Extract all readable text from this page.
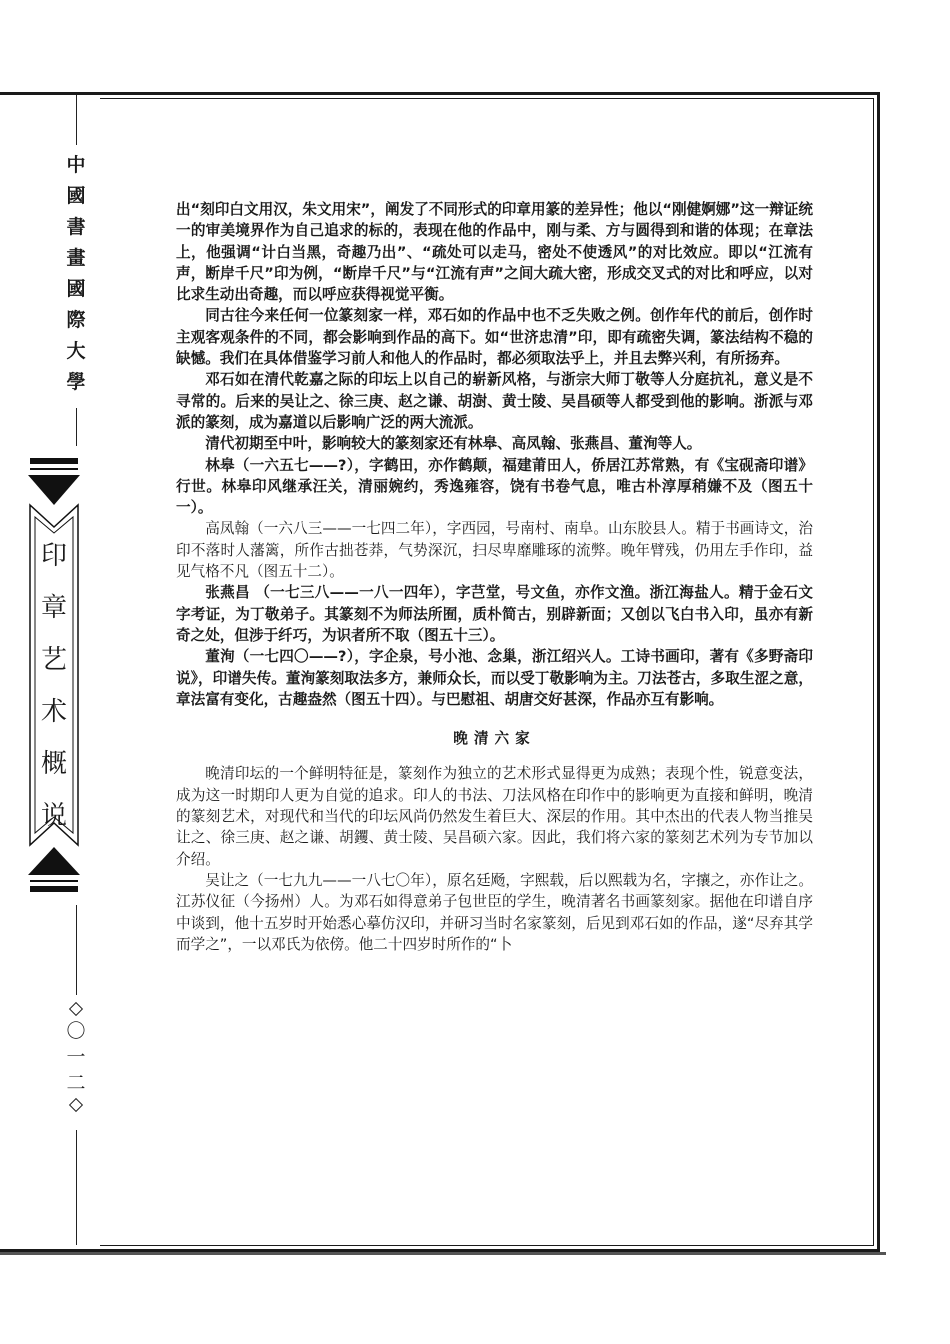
中
國
書
畫
國
際
大
學
印
章
艺
术
概
说
〇
一
二

出“刻印白文用汉，朱文用宋”，阐发了不同形式的印章用篆的差异性；他以“刚健婀娜”这一辩证统一的审美境界作为自己追求的标的，表现在他的作品中，刚与柔、方与圆得到和谐的体现；在章法上，他强调“计白当黑，奇趣乃出”、“疏处可以走马，密处不使透风”的对比效应。即以“江流有声，断岸千尺”印为例，“断岸千尺”与“江流有声”之间大疏大密，形成交叉式的对比和呼应，以对比求生动出奇趣，而以呼应获得视觉平衡。

同古往今来任何一位篆刻家一样，邓石如的作品中也不乏失败之例。创作年代的前后，创作时主观客观条件的不同，都会影响到作品的高下。如“世济忠清”印，即有疏密失调，篆法结构不稳的缺憾。我们在具体借鉴学习前人和他人的作品时，都必须取法乎上，并且去弊兴利，有所扬弃。

邓石如在清代乾嘉之际的印坛上以自己的崭新风格，与浙宗大师丁敬等人分庭抗礼，意义是不寻常的。后来的吴让之、徐三庚、赵之谦、胡澍、黄士陵、吴昌硕等人都受到他的影响。浙派与邓派的篆刻，成为嘉道以后影响广泛的两大流派。

清代初期至中叶，影响较大的篆刻家还有林皋、高凤翰、张燕昌、董洵等人。

林皋（一六五七——?），字鹤田，亦作鹤颠，福建莆田人，侨居江苏常熟，有《宝砚斋印谱》行世。林皋印风继承汪关，清丽婉约，秀逸雍容，饶有书卷气息，唯古朴淳厚稍嫌不及（图五十一）。

高凤翰（一六八三——一七四二年），字西园，号南村、南阜。山东胶县人。精于书画诗文，治印不落时人藩篱，所作古拙苍莽，气势深沉，扫尽卑靡雕琢的流弊。晚年臂残，仍用左手作印，益见气格不凡（图五十二）。

张燕昌 （一七三八——一八一四年），字芑堂，号文鱼，亦作文渔。浙江海盐人。精于金石文字考证，为丁敬弟子。其篆刻不为师法所囿，质朴简古，别辟新面；又创以飞白书入印，虽亦有新奇之处，但涉于纤巧，为识者所不取（图五十三）。

董洵（一七四〇——?），字企泉，号小池、念巢，浙江绍兴人。工诗书画印，著有《多野斋印说》，印谱失传。董洵篆刻取法多方，兼师众长，而以受丁敬影响为主。刀法苍古，多取生涩之意，章法富有变化，古趣盎然（图五十四）。与巴慰祖、胡唐交好甚深，作品亦互有影响。

晚清六家

晚清印坛的一个鲜明特征是，篆刻作为独立的艺术形式显得更为成熟；表现个性，锐意变法，成为这一时期印人更为自觉的追求。印人的书法、刀法风格在印作中的影响更为直接和鲜明，晚清的篆刻艺术，对现代和当代的印坛风尚仍然发生着巨大、深层的作用。其中杰出的代表人物当推吴让之、徐三庚、赵之谦、胡钁、黄士陵、吴昌硕六家。因此，我们将六家的篆刻艺术列为专节加以介绍。

吴让之（一七九九——一八七〇年），原名廷飏，字熙载，后以熙载为名，字攘之，亦作让之。江苏仪征（今扬州）人。为邓石如得意弟子包世臣的学生，晚清著名书画篆刻家。据他在印谱自序中谈到，他十五岁时开始悉心摹仿汉印，并研习当时名家篆刻，后见到邓石如的作品，遂“尽弃其学而学之”，一以邓氏为依傍。他二十四岁时所作的“卜
